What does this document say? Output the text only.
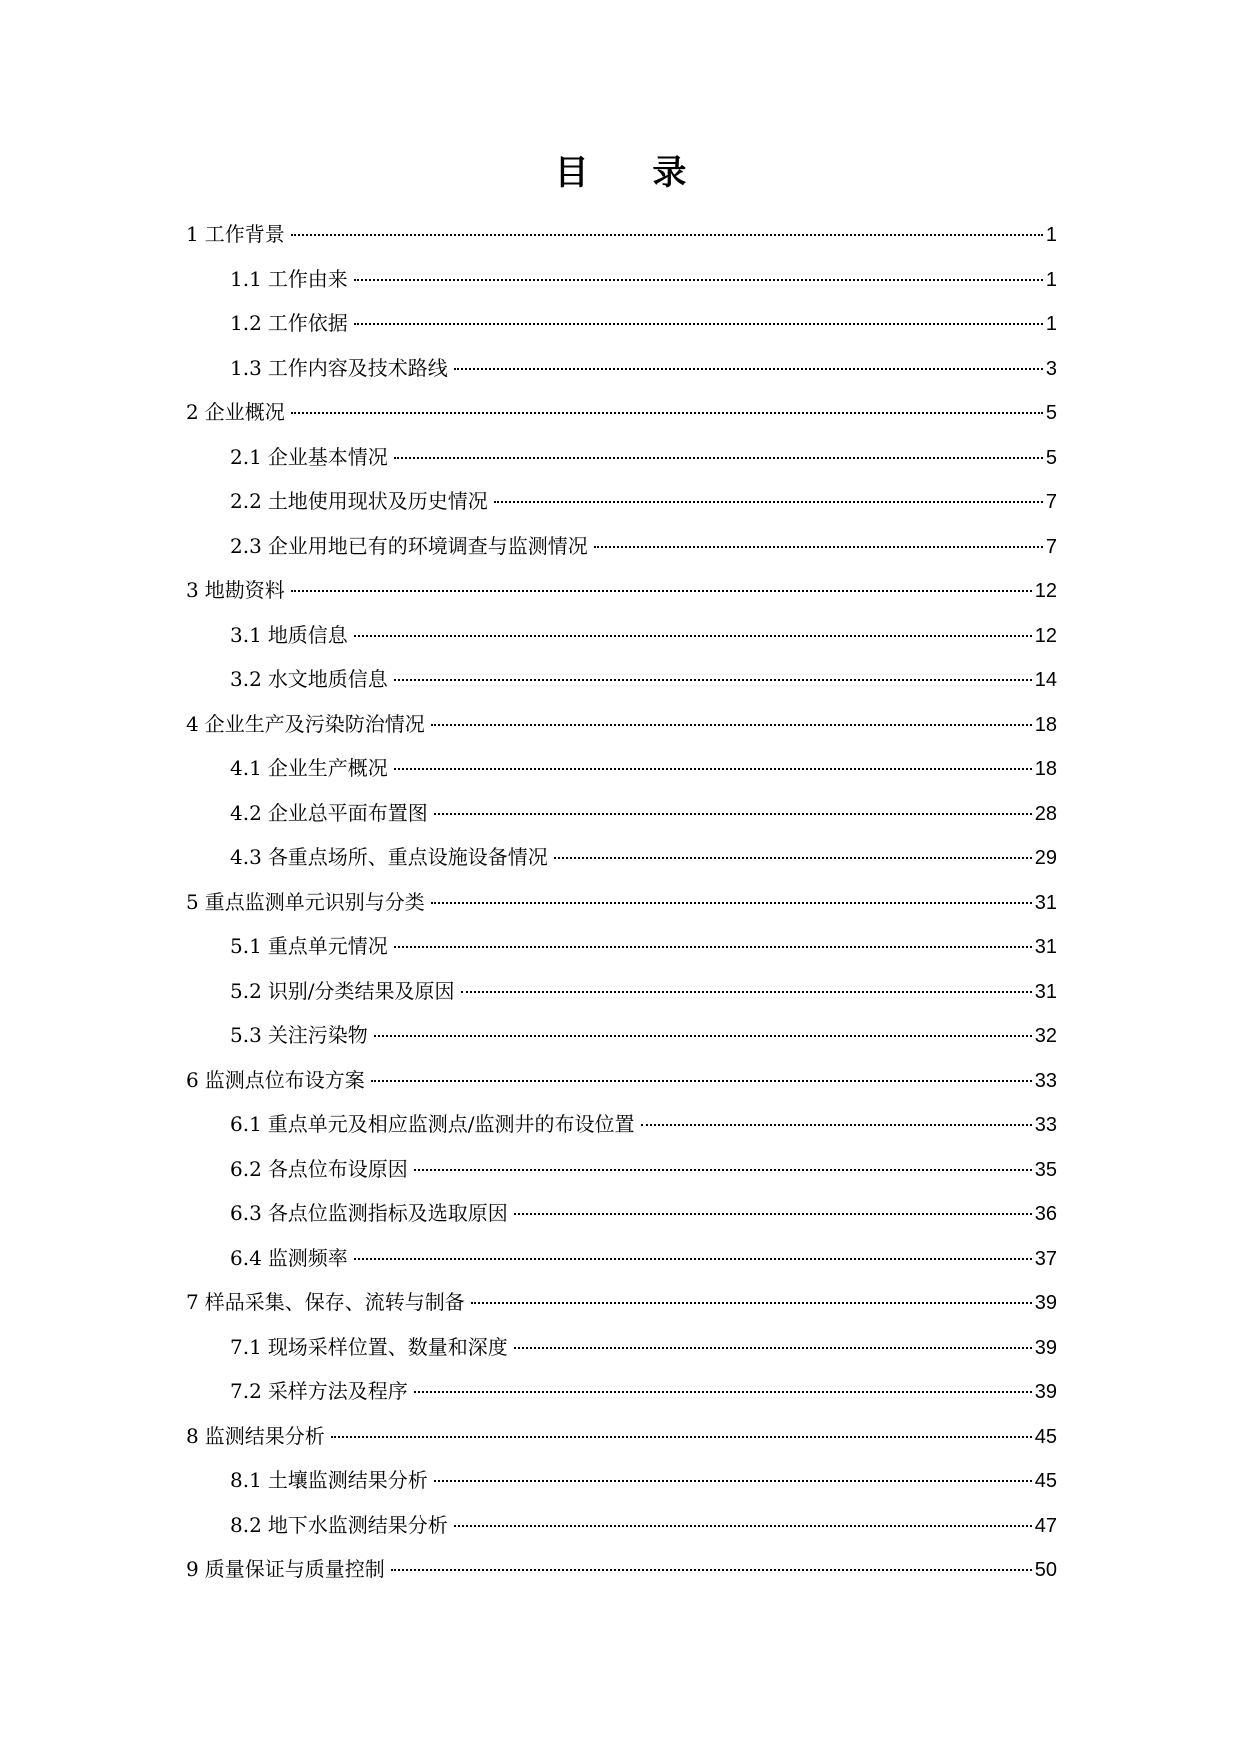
目 录
1 工作背景	1
1.1 工作由来	1
1.2 工作依据	1
1.3 工作内容及技术路线	3
2 企业概况	5
2.1 企业基本情况	5
2.2 土地使用现状及历史情况	7
2.3 企业用地已有的环境调查与监测情况	7
3 地勘资料	12
3.1 地质信息	12
3.2 水文地质信息	14
4 企业生产及污染防治情况	18
4.1 企业生产概况	18
4.2 企业总平面布置图	28
4.3 各重点场所、重点设施设备情况	29
5 重点监测单元识别与分类	31
5.1 重点单元情况	31
5.2 识别/分类结果及原因	31
5.3 关注污染物	32
6 监测点位布设方案	33
6.1 重点单元及相应监测点/监测井的布设位置	33
6.2 各点位布设原因	35
6.3 各点位监测指标及选取原因	36
6.4 监测频率	37
7 样品采集、保存、流转与制备	39
7.1 现场采样位置、数量和深度	39
7.2 采样方法及程序	39
8 监测结果分析	45
8.1 土壤监测结果分析	45
8.2 地下水监测结果分析	47
9 质量保证与质量控制	50
